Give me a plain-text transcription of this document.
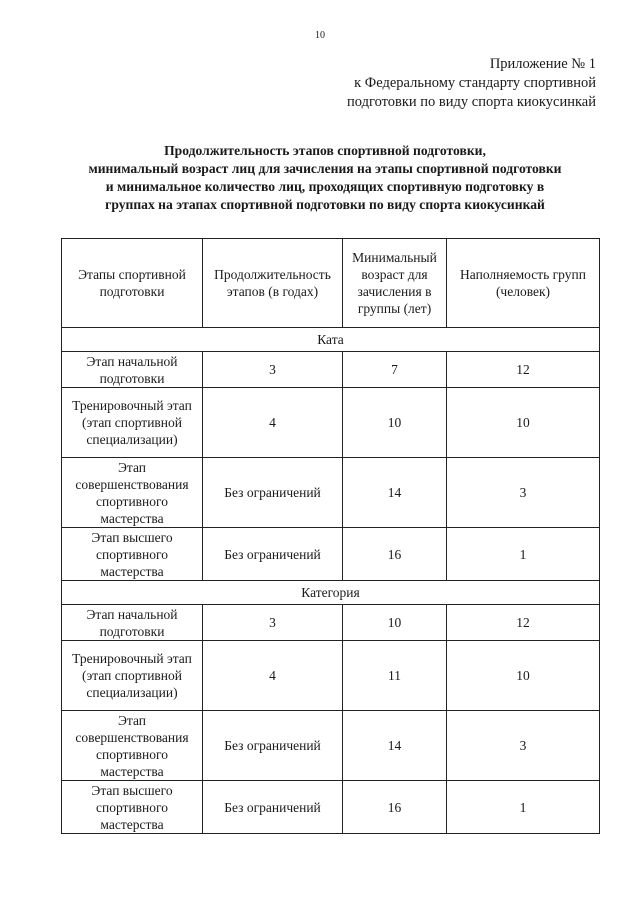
10
Приложение № 1
к Федеральному стандарту спортивной
подготовки по виду спорта киокусинкай
Продолжительность этапов спортивной подготовки,
минимальный возраст лиц для зачисления на этапы спортивной подготовки
и минимальное количество лиц, проходящих спортивную подготовку в
группах на этапах спортивной подготовки по виду спорта киокусинкай
Этапы спортивной подготовки	Продолжительность этапов (в годах)	Минимальный возраст для зачисления в группы (лет)	Наполняемость групп (человек)
Ката			
Этап начальной подготовки	3	7	12
Тренировочный этап (этап спортивной специализации)	4	10	10
Этап совершенствования спортивного мастерства	Без ограничений	14	3
Этап высшего спортивного мастерства	Без ограничений	16	1
Категория			
Этап начальной подготовки	3	10	12
Тренировочный этап (этап спортивной специализации)	4	11	10
Этап совершенствования спортивного мастерства	Без ограничений	14	3
Этап высшего спортивного мастерства	Без ограничений	16	1
